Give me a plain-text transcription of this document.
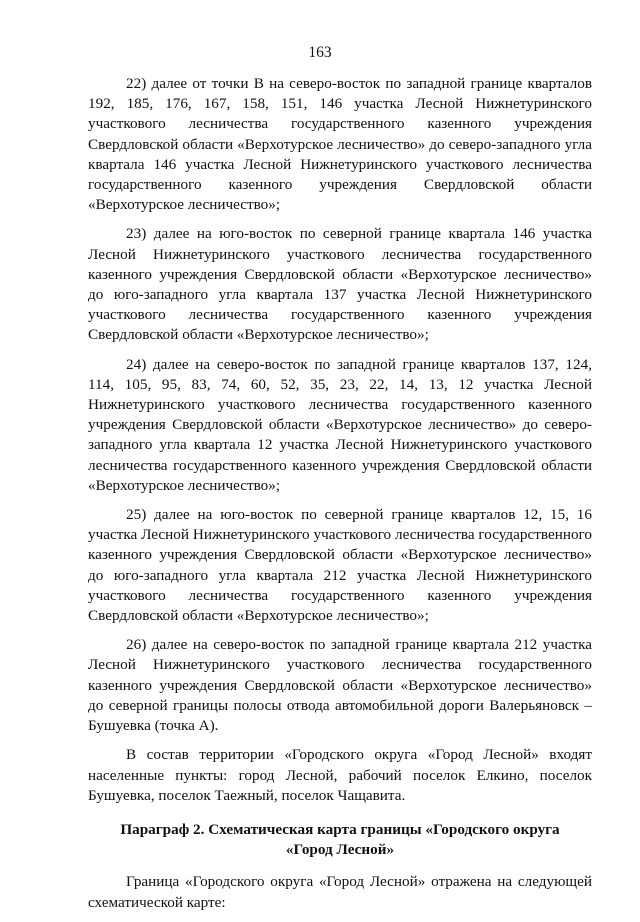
163

22) далее от точки В на северо-восток по западной границе кварталов 192, 185, 176, 167, 158, 151, 146 участка Лесной Нижнетуринского участкового лесничества государственного казенного учреждения Свердловской области «Верхотурское лесничество» до северо-западного угла квартала 146 участка Лесной Нижнетуринского участкового лесничества государственного казенного учреждения Свердловской области «Верхотурское лесничество»;

23) далее на юго-восток по северной границе квартала 146 участка Лесной Нижнетуринского участкового лесничества государственного казенного учреждения Свердловской области «Верхотурское лесничество» до юго-западного угла квартала 137 участка Лесной Нижнетуринского участкового лесничества государственного казенного учреждения Свердловской области «Верхотурское лесничество»;

24) далее на северо-восток по западной границе кварталов 137, 124, 114, 105, 95, 83, 74, 60, 52, 35, 23, 22, 14, 13, 12 участка Лесной Нижнетуринского участкового лесничества государственного казенного учреждения Свердловской области «Верхотурское лесничество» до северо-западного угла квартала 12 участка Лесной Нижнетуринского участкового лесничества государственного казенного учреждения Свердловской области «Верхотурское лесничество»;

25) далее на юго-восток по северной границе кварталов 12, 15, 16 участка Лесной Нижнетуринского участкового лесничества государственного казенного учреждения Свердловской области «Верхотурское лесничество» до юго-западного угла квартала 212 участка Лесной Нижнетуринского участкового лесничества государственного казенного учреждения Свердловской области «Верхотурское лесничество»;

26) далее на северо-восток по западной границе квартала 212 участка Лесной Нижнетуринского участкового лесничества государственного казенного учреждения Свердловской области «Верхотурское лесничество» до северной границы полосы отвода автомобильной дороги Валерьяновск – Бушуевка (точка А).

В состав территории «Городского округа «Город Лесной» входят населенные пункты: город Лесной, рабочий поселок Елкино, поселок Бушуевка, поселок Таежный, поселок Чащавита.

Параграф 2. Схематическая карта границы «Городского округа
«Город Лесной»

Граница «Городского округа «Город Лесной» отражена на следующей схематической карте:
